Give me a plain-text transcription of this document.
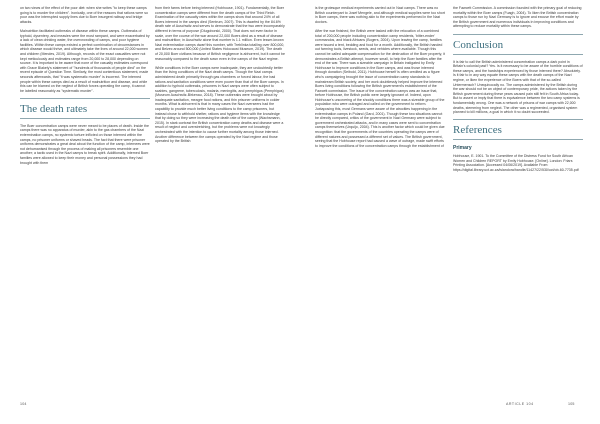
on two views of the effect of the poor diet: when she writes "to keep these camps going is to murder the children". Ironically, one of the reasons that rations were so poor was the interrupted supply lines due to Boer insurgent railway and bridge attacks.

Malnutrition facilitated outbreaks of disease within these camps. Outbreaks of typhoid, dysentery, and measles were the most rampant, and were exacerbated by a lack of clean drinking water, the overcrowding of camps, and poor hygiene facilities. Within these camps existed a perfect combination of circumstances in which disease would thrive, and ultimately take the lives of around 22,000 women and children (Mendes, 2019). Although, records of the exact casualties were not kept meticulously and estimates range from 20,000 to 28,000 depending on source. It is important to be aware that none of the casualty estimates correspond with Grace Blakely's statement of "hundreds of thousands of people died" on the recent episode of Question Time. Similarly, the most contentious statement, made seconds afterwards, that "it was systematic murder" is incorrect. The interned people within these camps died as a result of malnutrition and disease, and while this can be blamed on the neglect of British forces operating the camp, it cannot be labelled reasonably as "systematic murder".

The death rates

The Boer concentration camps were never meant to be places of death. Inside the camps there was no apparatus of murder, akin to the gas chambers of the Nazi extermination camps, no systemic torture inflicted on those interned within the camps, no prisoner uniforms or shaved heads. The fact that there were prisoner uniforms demonstrates a great deal about the function of the camp, internees were not dehumanised through the process of making all prisoners resemble one another; a tactic used in the Nazi camps to break spirit. Additionally, interned Boer families were allowed to keep their money and personal possessions they had brought with them

from their farms before being interned (Hobhouse, 1901). Fundamentally, the Boer concentration camps were different from the death camps of the Third Reich. Examination of the casualty rates within the camps show that around 24% of all Boers interned in the camps died (Sentrum, 2007). This is dwarfed by the 84.6% death rate of Auschwitz and serves to demonstrate that the two were incomparably different in terms of purpose (Dlugoborski, 2000). That does not even factor in scale, over the course of the war around 22,000 Boers died as a result of disease and malnutrition; in Auschwitz alone that number is 1.1 million. Even lesser-known Nazi extermination camps dwarf this number, with Treblinka totalling over 800,000, and Belzec around 500,000 (United States Holocaust Museum, 2019). The death of 20,000 Boer civilians because of British negligence is abhorrent, but it cannot be reasonably compared to the death sown even in the camps of the Nazi regime.

While conditions in the Boer camps were inadequate, they are undoubtedly better than the living conditions of the Nazi death camps. Though the Nazi camps administered death primarily through gas chambers or forced labour, the bad rations and sanitation conditions were even poorer than that of the Boer camps. In addition to typhoid outbreaks, prisoners in Nazi camps were often subject to scabies, gangrene, tuberculosis, malaria, meningitis, and pemphigus (Pemphigus) (Museum Auschwitz-Birkenau, 2018). These outbreaks were brought about by inadequate sanitation, meagre food rations, and thin prisoner uniforms in colder months. What is abhorrent is that in many cases the Nazi overseers had the capability to provide much better living conditions to the camp prisoners, but instead chose to withhold shelter, rations and hygiene items with the knowledge that by doing so they were increasing the death rate of the camps (Wachsmann, 2015). In stark contrast the British concentration camp deaths and disease were a result of neglect and overstretching, but the problems were not knowingly orchestrated with the intention to cause further mortality among those interned. Another difference between the camps operated by the Nazi regime and those operated by the British

is the grotesque medical experiments carried out in Nazi camps. There was no British counterpart to Josef Mengele, and although medical supplies were too short in Boer camps, there was nothing akin to the experiments performed in the Nazi doctors.

After the war finished, the British were tasked with the relocation of a combined total of 200,000 people including concentration camp residents, 'bitter-ender' commandos, and black Africans (Bogers, 2004). Upon leaving the camp, families were issued a tent, bedding and food for a month. Additionally, the British handed out farming tools, livestock, seeds, and vehicles where available. Though this cannot be called adequate compensation for the destruction of the Boer property, it demonstrates a British attempt, however small, to help the Boer families after the end of the war. There was a sizeable campaign in Britain instigated by Emily Hobhouse to improve conditions in the Boer camps, and was those interned through donation (Seibold, 2011). Hobhouse herself is often credited as a figure who's campaigning brought the issue of concentration camp standards to mainstream British society, and her work doubtlessly helped improve the interned Boers living conditions following the British government's establishment of the Fawcett commission. The issue of the concentration camps was an issue that, before Hobhouse, the British public were largely ignorant of. Indeed, upon Hobhouse's uncovering of the shoddy conditions there was a sizeable group of the population who were outraged and called on the government to reform. Juxtaposing this, most Germans were aware of the atrocities happening in the extermination camps in Poland (Gard, 2001). Though these two situations cannot be directly compared, critics of the government in Nazi Germany were subject to government orchestrated attacks, and in many cases were sent to concentration camps themselves (Urquijo, 2004). This is another factor which could be given due recognition: that the governments of the countries operating the camps were of different natures and possessed a different set of values. The British government, seeing that the Hobhouse report had caused a wave of outrage, made swift efforts to improve the conditions of the concentration camps through the establishment of

the Fawcett Commission. A commission founded with the primary goal of reducing mortality within the Boer camps (Fuagh, 2004). To liken the British concentration camps to those run by Nazi Germany is to ignore and excuse the effort made by the British government and numerous individuals in improving conditions and attempting to reduce mortality within these camps.

Conclusion

It is fair to call the British administered concentration camps a dark point in Britain's colonial past? Yes. Is it necessary to be aware of the horrible conditions of these camps, and the hardships experienced by those interned there? Absolutely. Is it fair to in any way equate these camps with the death camps of the Nazi regime, or liken the experience of the Boers with that of the so-called Untermensch? Unequivocally no. The camps administered by the British during the war should not be an object of contemporary pride, the actions taken by the British government during these years caused pain still felt in South Africa today. But to assert or imply that there is equivalence between the two camp systems is fundamentally wrong. One was a network of prisons of war camps with 22,000 deaths, stemming from neglect. The other was a regimented, organised system planned to kill millions, a goal in which it no doubt succeeded.

References
Primary

Hobhouse, E. 1901. To the Committee of the Distress Fund for South African Women and Children REPORT by Emily Hobhouse. [Online]. London: Friars Printing Association. [Accessed 04/06/2019]. Available From: https://digital.library.uct.ac.za/islandora/handle/11427/22/530/uct/ob-60-7735.pdf

104	ARTICLE 104	105
